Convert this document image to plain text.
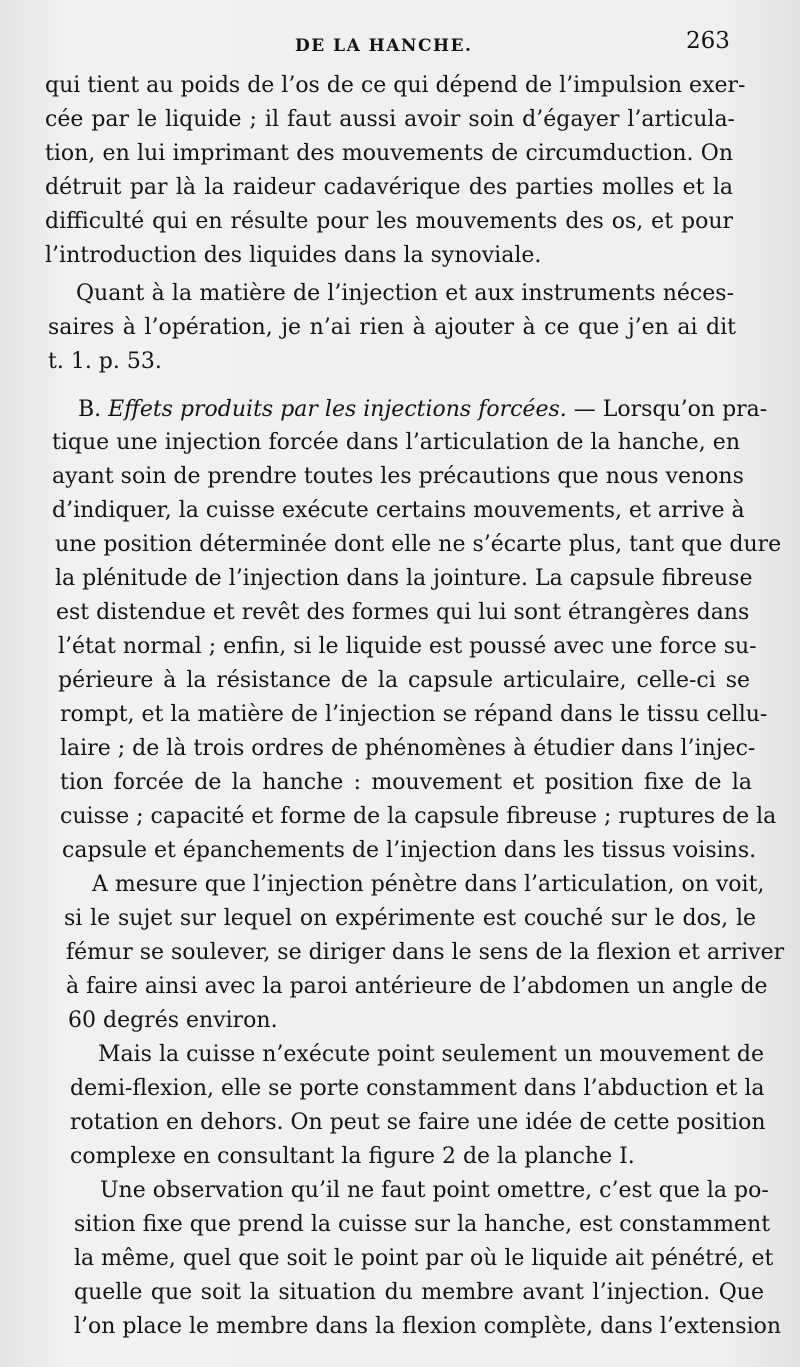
DE LA HANCHE.	263
qui tient au poids de l’os de ce qui dépend de l’impulsion exer-
cée par le liquide ; il faut aussi avoir soin d’égayer l’articula-
tion, en lui imprimant des mouvements de circumduction. On
détruit par là la raideur cadavérique des parties molles et la
difficulté qui en résulte pour les mouvements des os, et pour
l’introduction des liquides dans la synoviale.
Quant à la matière de l’injection et aux instruments néces-
saires à l’opération, je n’ai rien à ajouter à ce que j’en ai dit
t. 1. p. 53.
B. Effets produits par les injections forcées. — Lorsqu’on pra-
tique une injection forcée dans l’articulation de la hanche, en
ayant soin de prendre toutes les précautions que nous venons
d’indiquer, la cuisse exécute certains mouvements, et arrive à
une position déterminée dont elle ne s’écarte plus, tant que dure
la plénitude de l’injection dans la jointure. La capsule fibreuse
est distendue et revêt des formes qui lui sont étrangères dans
l’état normal ; enfin, si le liquide est poussé avec une force su-
périeure à la résistance de la capsule articulaire, celle-ci se
rompt, et la matière de l’injection se répand dans le tissu cellu-
laire ; de là trois ordres de phénomènes à étudier dans l’injec-
tion forcée de la hanche : mouvement et position fixe de la
cuisse ; capacité et forme de la capsule fibreuse ; ruptures de la
capsule et épanchements de l’injection dans les tissus voisins.
A mesure que l’injection pénètre dans l’articulation, on voit,
si le sujet sur lequel on expérimente est couché sur le dos, le
fémur se soulever, se diriger dans le sens de la flexion et arriver
à faire ainsi avec la paroi antérieure de l’abdomen un angle de
60 degrés environ.
Mais la cuisse n’exécute point seulement un mouvement de
demi-flexion, elle se porte constamment dans l’abduction et la
rotation en dehors. On peut se faire une idée de cette position
complexe en consultant la figure 2 de la planche I.
Une observation qu’il ne faut point omettre, c’est que la po-
sition fixe que prend la cuisse sur la hanche, est constamment
la même, quel que soit le point par où le liquide ait pénétré, et
quelle que soit la situation du membre avant l’injection. Que
l’on place le membre dans la flexion complète, dans l’extension
